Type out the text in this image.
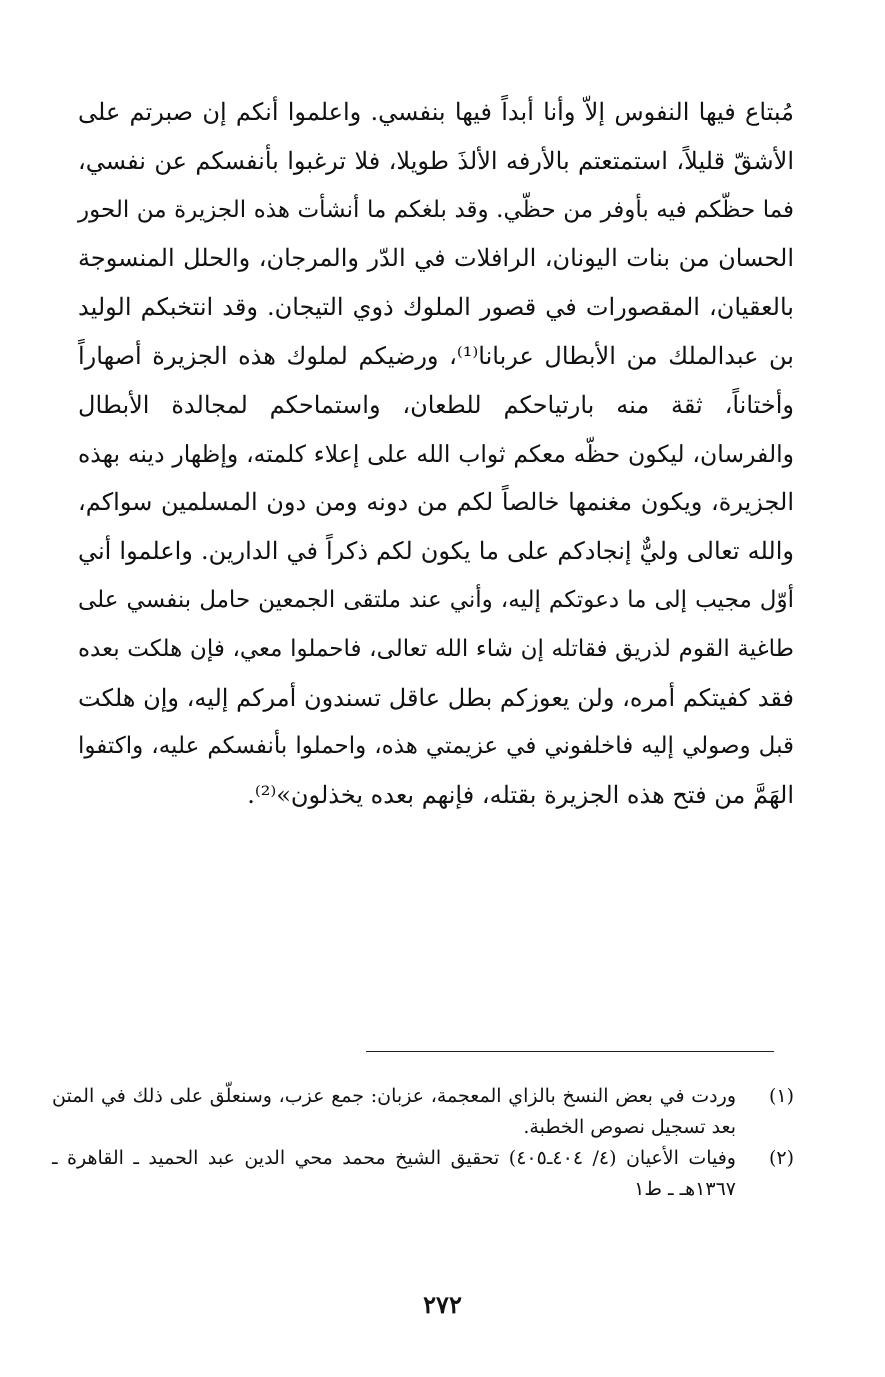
مُبتاع فيها النفوس إلاّ وأنا أبداً فيها بنفسي. واعلموا أنكم إن صبرتم على
الأشقّ قليلاً، استمتعتم بالأرفه الألذَ طويلا، فلا ترغبوا بأنفسكم عن نفسي،
فما حظّكم فيه بأوفر من حظّي. وقد بلغكم ما أنشأت هذه الجزيرة من الحور
الحسان من بنات اليونان، الرافلات في الدّر والمرجان، والحلل المنسوجة
بالعقيان، المقصورات في قصور الملوك ذوي التيجان. وقد انتخبكم الوليد
بن عبدالملك من الأبطال عربانا⁽¹⁾، ورضيكم لملوك هذه الجزيرة أصهاراً
وأختاناً، ثقة منه بارتياحكم للطعان، واستماحكم لمجالدة الأبطال
والفرسان، ليكون حظّه معكم ثواب الله على إعلاء كلمته، وإظهار دينه بهذه
الجزيرة، ويكون مغنمها خالصاً لكم من دونه ومن دون المسلمين سواكم،
والله تعالى وليٌّ إنجادكم على ما يكون لكم ذكراً في الدارين. واعلموا أني
أوّل مجيب إلى ما دعوتكم إليه، وأني عند ملتقى الجمعين حامل بنفسي على
طاغية القوم لذريق فقاتله إن شاء الله تعالى، فاحملوا معي، فإن هلكت بعده
فقد كفيتكم أمره، ولن يعوزكم بطل عاقل تسندون أمركم إليه، وإن هلكت
قبل وصولي إليه فاخلفوني في عزيمتي هذه، واحملوا بأنفسكم عليه، واكتفوا
الهَمَّ من فتح هذه الجزيرة بقتله، فإنهم بعده يخذلون»⁽²⁾.
(١)
وردت في بعض النسخ بالزاي المعجمة، عزبان: جمع عزب، وسنعلّق على ذلك في المتن بعد تسجيل نصوص الخطبة.
(٢)
وفيات الأعيان (٤/ ٤٠٤ـ٤٠٥) تحقيق الشيخ محمد محي الدين عبد الحميد ـ القاهرة ـ ١٣٦٧هـ ـ ط١
٢٧٢
